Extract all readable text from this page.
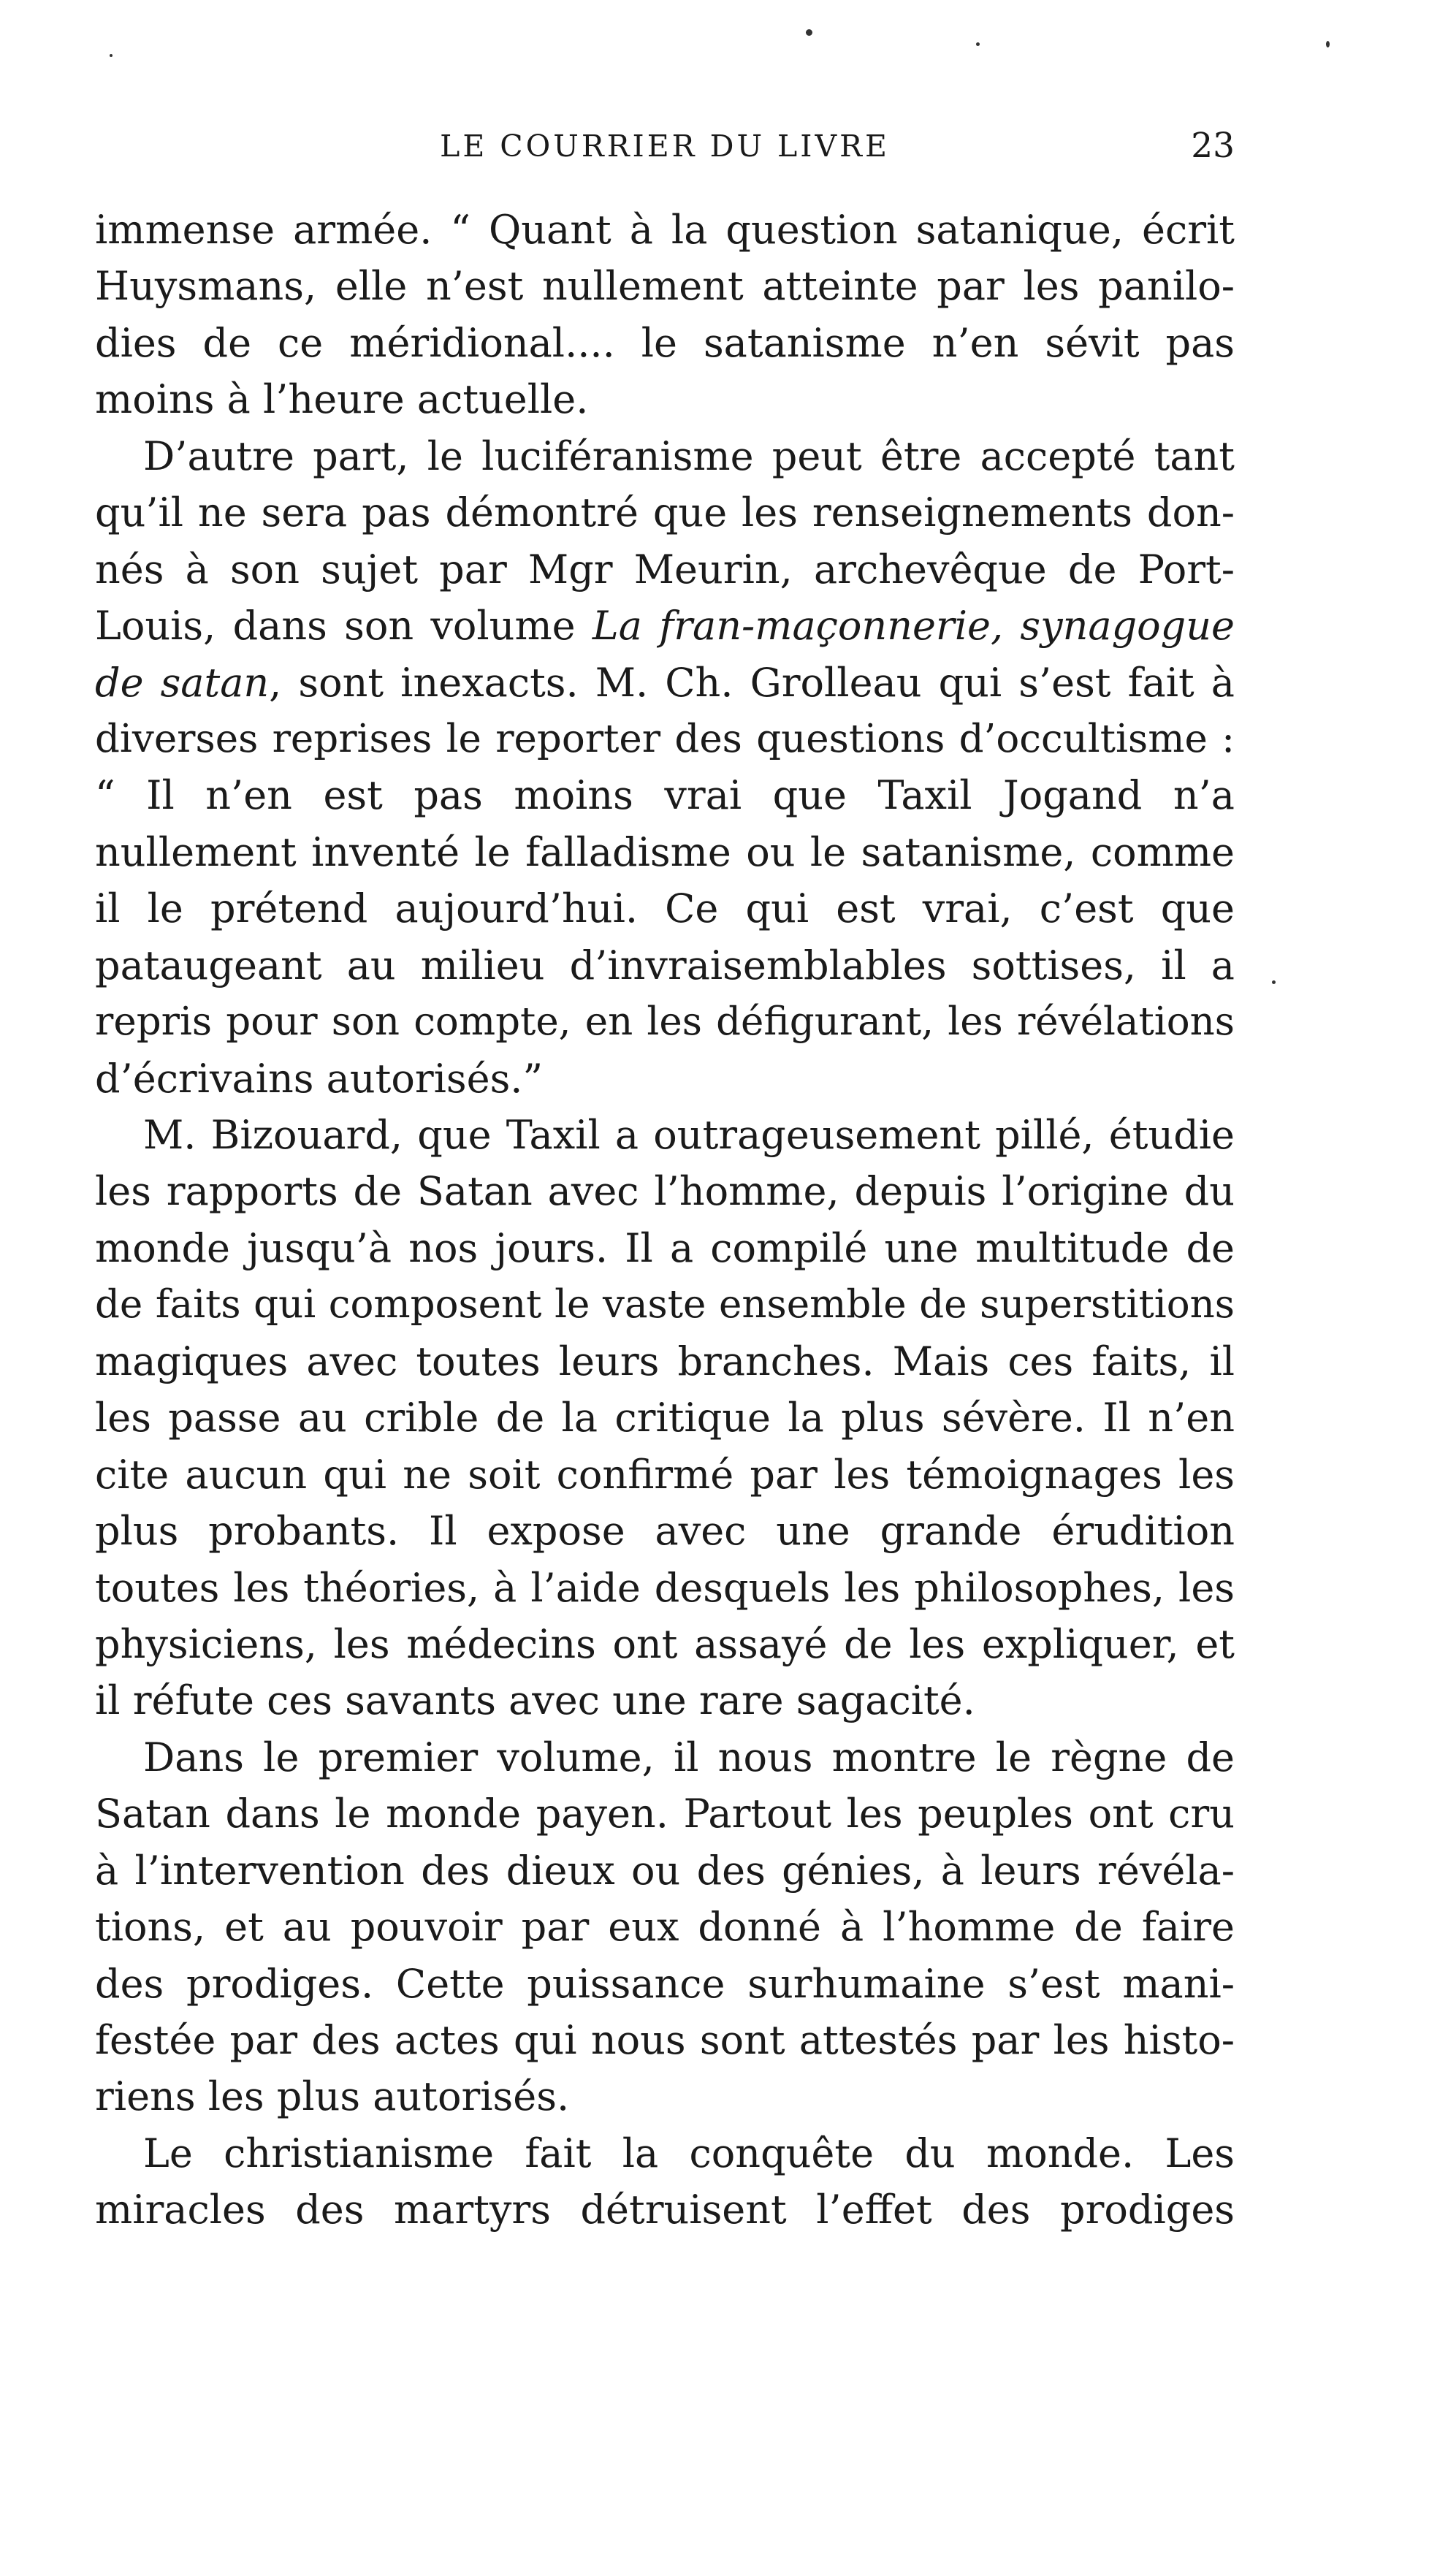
LE COURRIER DU LIVRE	23
immense armée. “ Quant à la question satanique, écrit
Huysmans, elle n’est nullement atteinte par les panilo-
dies de ce méridional.... le satanisme n’en sévit pas
moins à l’heure actuelle.
D’autre part, le luciféranisme peut être accepté tant
qu’il ne sera pas démontré que les renseignements don-
nés à son sujet par Mgr Meurin, archevêque de Port-
Louis, dans son volume La fran-maçonnerie, synagogue
de satan, sont inexacts. M. Ch. Grolleau qui s’est fait à
diverses reprises le reporter des questions d’occultisme :
“ Il n’en est pas moins vrai que Taxil Jogand n’a
nullement inventé le falladisme ou le satanisme, comme
il le prétend aujourd’hui. Ce qui est vrai, c’est que
pataugeant au milieu d’invraisemblables sottises, il a
repris pour son compte, en les défigurant, les révélations
d’écrivains autorisés.”
M. Bizouard, que Taxil a outrageusement pillé, étudie
les rapports de Satan avec l’homme, depuis l’origine du
monde jusqu’à nos jours. Il a compilé une multitude de
de faits qui composent le vaste ensemble de superstitions
magiques avec toutes leurs branches. Mais ces faits, il
les passe au crible de la critique la plus sévère. Il n’en
cite aucun qui ne soit confirmé par les témoignages les
plus probants. Il expose avec une grande érudition
toutes les théories, à l’aide desquels les philosophes, les
physiciens, les médecins ont assayé de les expliquer, et
il réfute ces savants avec une rare sagacité.
Dans le premier volume, il nous montre le règne de
Satan dans le monde payen. Partout les peuples ont cru
à l’intervention des dieux ou des génies, à leurs révéla-
tions, et au pouvoir par eux donné à l’homme de faire
des prodiges. Cette puissance surhumaine s’est mani-
festée par des actes qui nous sont attestés par les histo-
riens les plus autorisés.
Le christianisme fait la conquête du monde. Les
miracles des martyrs détruisent l’effet des prodiges
